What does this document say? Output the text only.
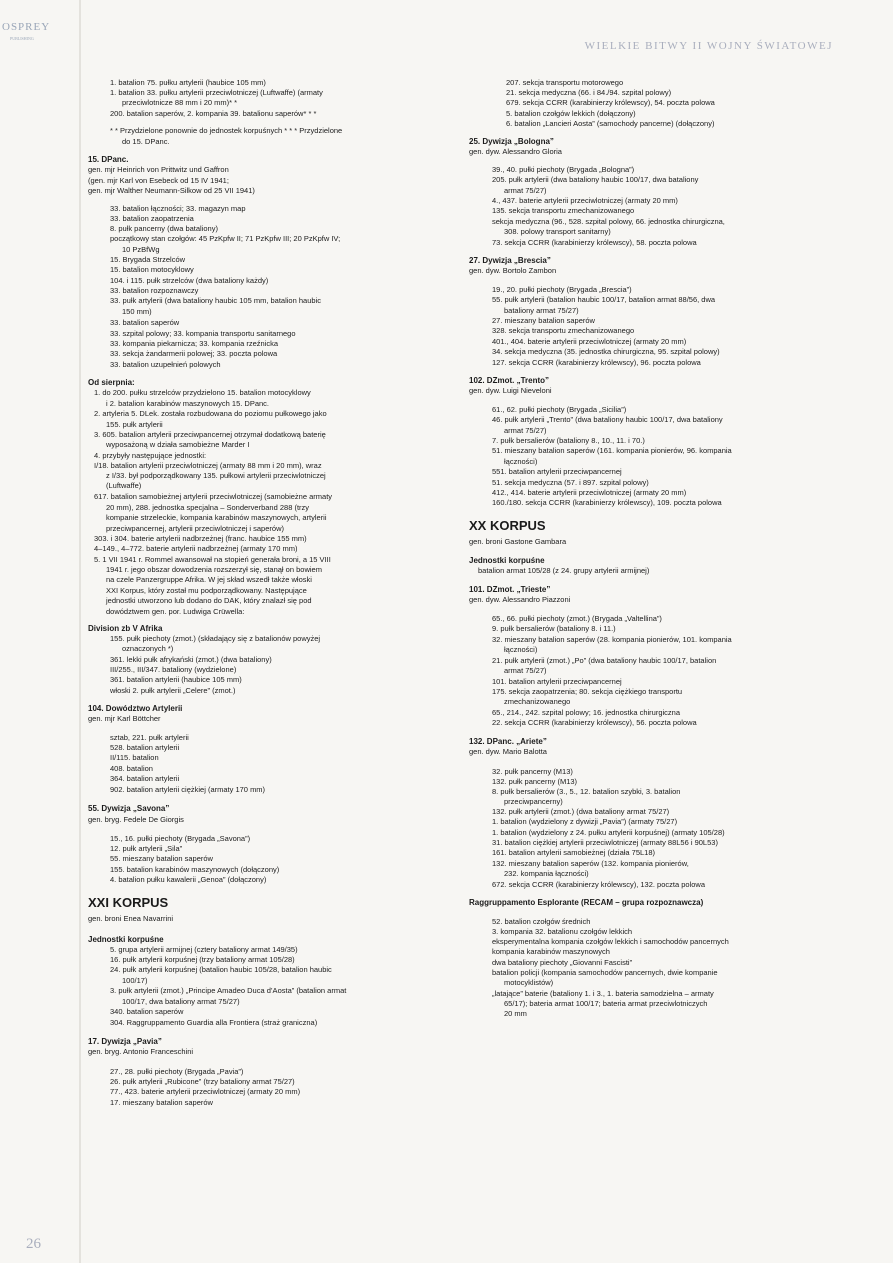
OSPREY
PUBLISHING
WIELKIE BITWY II WOJNY ŚWIATOWEJ
1. batalion 75. pułku artylerii (haubice 105 mm)
1. batalion 33. pułku artylerii przeciwlotniczej (Luftwaffe) (armaty
przeciwlotnicze 88 mm i 20 mm)* *
200. batalion saperów, 2. kompania 39. batalionu saperów* * *
* * Przydzielone ponownie do jednostek korpuśnych * * * Przydzielone
do 15. DPanc.
15. DPanc.
gen. mjr Heinrich von Prittwitz und Gaffron
(gen. mjr Karl von Esebeck od 15 IV 1941;
gen. mjr Walther Neumann-Silkow od 25 VII 1941)
33. batalion łączności; 33. magazyn map
33. batalion zaopatrzenia
8. pułk pancerny (dwa bataliony)
początkowy stan czołgów: 45 PzKpfw II; 71 PzKpfw III; 20 PzKpfw IV;
10 PzBfWg
15. Brygada Strzelców
15. batalion motocyklowy
104. i 115. pułk strzelców (dwa bataliony każdy)
33. batalion rozpoznawczy
33. pułk artylerii (dwa bataliony haubic 105 mm, batalion haubic
150 mm)
33. batalion saperów
33. szpital polowy; 33. kompania transportu sanitarnego
33. kompania piekarnicza; 33. kompania rzeźnicka
33. sekcja żandarmerii polowej; 33. poczta polowa
33. batalion uzupełnień polowych
Od sierpnia:
1. do 200. pułku strzelców przydzielono 15. batalion motocyklowy
i 2. batalion karabinów maszynowych 15. DPanc.
2. artyleria 5. DLek. została rozbudowana do poziomu pułkowego jako
155. pułk artylerii
3. 605. batalion artylerii przeciwpancernej otrzymał dodatkową baterię
wyposażoną w działa samobieżne Marder I
4. przybyły następujące jednostki:
I/18. batalion artylerii przeciwlotniczej (armaty 88 mm i 20 mm), wraz
z I/33. był podporządkowany 135. pułkowi artylerii przeciwlotniczej
(Luftwaffe)
617. batalion samobieżnej artylerii przeciwlotniczej (samobieżne armaty
20 mm), 288. jednostka specjalna – Sonderverband 288 (trzy
kompanie strzeleckie, kompania karabinów maszynowych, artylerii
przeciwpancernej, artylerii przeciwlotniczej i saperów)
303. i 304. baterie artylerii nadbrzeżnej (franc. haubice 155 mm)
4–149., 4–772. baterie artylerii nadbrzeżnej (armaty 170 mm)
5. 1 VII 1941 r. Rommel awansował na stopień generała broni, a 15 VIII
1941 r. jego obszar dowodzenia rozszerzył się, stanął on bowiem
na czele Panzergruppe Afrika. W jej skład wszedł także włoski
XXI Korpus, który został mu podporządkowany. Następujące
jednostki utworzono lub dodano do DAK, który znalazł się pod
dowództwem gen. por. Ludwiga Crüwella:
Division zb V Afrika
155. pułk piechoty (zmot.) (składający się z batalionów powyżej
oznaczonych *)
361. lekki pułk afrykański (zmot.) (dwa bataliony)
III/255., III/347. bataliony (wydzielone)
361. batalion artylerii (haubice 105 mm)
włoski 2. pułk artylerii „Celere” (zmot.)
104. Dowództwo Artylerii
gen. mjr Karl Böttcher
sztab, 221. pułk artylerii
528. batalion artylerii
II/115. batalion
408. batalion
364. batalion artylerii
902. batalion artylerii ciężkiej (armaty 170 mm)
55. Dywizja „Savona”
gen. bryg. Fedele De Giorgis
15., 16. pułki piechoty (Brygada „Savona”)
12. pułk artylerii „Sila”
55. mieszany batalion saperów
155. batalion karabinów maszynowych (dołączony)
4. batalion pułku kawalerii „Genoa” (dołączony)
XXI KORPUS
gen. broni Enea Navarrini
Jednostki korpuśne
5. grupa artylerii armijnej (cztery bataliony armat 149/35)
16. pułk artylerii korpuśnej (trzy bataliony armat 105/28)
24. pułk artylerii korpuśnej (batalion haubic 105/28, batalion haubic
100/17)
3. pułk artylerii (zmot.) „Principe Amadeo Duca d’Aosta” (batalion armat
100/17, dwa bataliony armat 75/27)
340. batalion saperów
304. Raggruppamento Guardia alla Frontiera (straż graniczna)
17. Dywizja „Pavia”
gen. bryg. Antonio Franceschini
27., 28. pułki piechoty (Brygada „Pavia”)
26. pułk artylerii „Rubicone” (trzy bataliony armat 75/27)
77., 423. baterie artylerii przeciwlotniczej (armaty 20 mm)
17. mieszany batalion saperów
207. sekcja transportu motorowego
21. sekcja medyczna (66. i 84./94. szpital polowy)
679. sekcja CCRR (karabinierzy królewscy), 54. poczta polowa
5. batalion czołgów lekkich (dołączony)
6. batalion „Lancieri Aosta” (samochody pancerne) (dołączony)
25. Dywizja „Bologna”
gen. dyw. Alessandro Gloria
39., 40. pułki piechoty (Brygada „Bologna”)
205. pułk artylerii (dwa bataliony haubic 100/17, dwa bataliony
armat 75/27)
4., 437. baterie artylerii przeciwlotniczej (armaty 20 mm)
135. sekcja transportu zmechanizowanego
sekcja medyczna (96., 528. szpital polowy, 66. jednostka chirurgiczna,
308. polowy transport sanitarny)
73. sekcja CCRR (karabinierzy królewscy), 58. poczta polowa
27. Dywizja „Brescia”
gen. dyw. Bortolo Zambon
19., 20. pułki piechoty (Brygada „Brescia”)
55. pułk artylerii (batalion haubic 100/17, batalion armat 88/56, dwa
bataliony armat 75/27)
27. mieszany batalion saperów
328. sekcja transportu zmechanizowanego
401., 404. baterie artylerii przeciwlotniczej (armaty 20 mm)
34. sekcja medyczna (35. jednostka chirurgiczna, 95. szpital polowy)
127. sekcja CCRR (karabinierzy królewscy), 96. poczta polowa
102. DZmot. „Trento”
gen. dyw. Luigi Nieveloni
61., 62. pułki piechoty (Brygada „Sicilia”)
46. pułk artylerii „Trento” (dwa bataliony haubic 100/17, dwa bataliony
armat 75/27)
7. pułk bersalierów (bataliony 8., 10., 11. i 70.)
51. mieszany batalion saperów (161. kompania pionierów, 96. kompania
łączności)
551. batalion artylerii przeciwpancernej
51. sekcja medyczna (57. i 897. szpital polowy)
412., 414. baterie artylerii przeciwlotniczej (armaty 20 mm)
160./180. sekcja CCRR (karabinierzy królewscy), 109. poczta polowa
XX KORPUS
gen. broni Gastone Gambara
Jednostki korpuśne
batalion armat 105/28 (z 24. grupy artylerii armijnej)
101. DZmot. „Trieste”
gen. dyw. Alessandro Piazzoni
65., 66. pułki piechoty (zmot.) (Brygada „Valtellina”)
9. pułk bersalierów (bataliony 8. i 11.)
32. mieszany batalion saperów (28. kompania pionierów, 101. kompania
łączności)
21. pułk artylerii (zmot.) „Po” (dwa bataliony haubic 100/17, batalion
armat 75/27)
101. batalion artylerii przeciwpancernej
175. sekcja zaopatrzenia; 80. sekcja ciężkiego transportu
zmechanizowanego
65., 214., 242. szpital polowy; 16. jednostka chirurgiczna
22. sekcja CCRR (karabinierzy królewscy), 56. poczta polowa
132. DPanc. „Ariete”
gen. dyw. Mario Balotta
32. pułk pancerny (M13)
132. pułk pancerny (M13)
8. pułk bersalierów (3., 5., 12. batalion szybki, 3. batalion
przeciwpancerny)
132. pułk artylerii (zmot.) (dwa bataliony armat 75/27)
1. batalion (wydzielony z dywizji „Pavia”) (armaty 75/27)
1. batalion (wydzielony z 24. pułku artylerii korpuśnej) (armaty 105/28)
31. batalion ciężkiej artylerii przeciwlotniczej (armaty 88L56 i 90L53)
161. batalion artylerii samobieżnej (działa 75L18)
132. mieszany batalion saperów (132. kompania pionierów,
232. kompania łączności)
672. sekcja CCRR (karabinierzy królewscy), 132. poczta polowa
Raggruppamento Esplorante (RECAM – grupa rozpoznawcza)
52. batalion czołgów średnich
3. kompania 32. batalionu czołgów lekkich
eksperymentalna kompania czołgów lekkich i samochodów pancernych
kompania karabinów maszynowych
dwa bataliony piechoty „Giovanni Fascisti”
batalion policji (kompania samochodów pancernych, dwie kompanie
motocyklistów)
„latające” baterie (bataliony 1. i 3., 1. bateria samodzielna – armaty
65/17); bateria armat 100/17; bateria armat przeciwlotniczych
20 mm
26
